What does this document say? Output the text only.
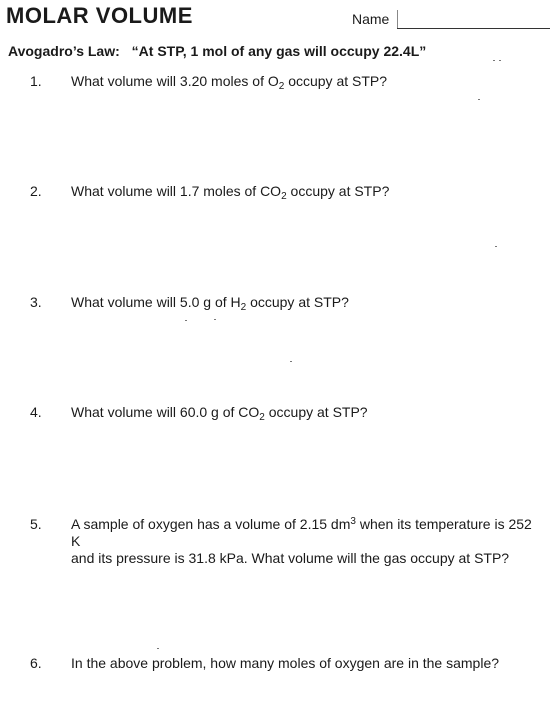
MOLAR VOLUME	Name
Avogadro’s Law: “At STP, 1 mol of any gas will occupy 22.4L”
1. What volume will 3.20 moles of $O_2$ occupy at STP?
2. What volume will 1.7 moles of $CO_2$ occupy at STP?
3. What volume will 5.0 g of $H_2$ occupy at STP?
4. What volume will 60.0 g of $CO_2$ occupy at STP?
5. A sample of oxygen has a volume of 2.15 $dm^3$ when its temperature is 252 K
and its pressure is 31.8 kPa. What volume will the gas occupy at STP?
6. In the above problem, how many moles of oxygen are in the sample?
